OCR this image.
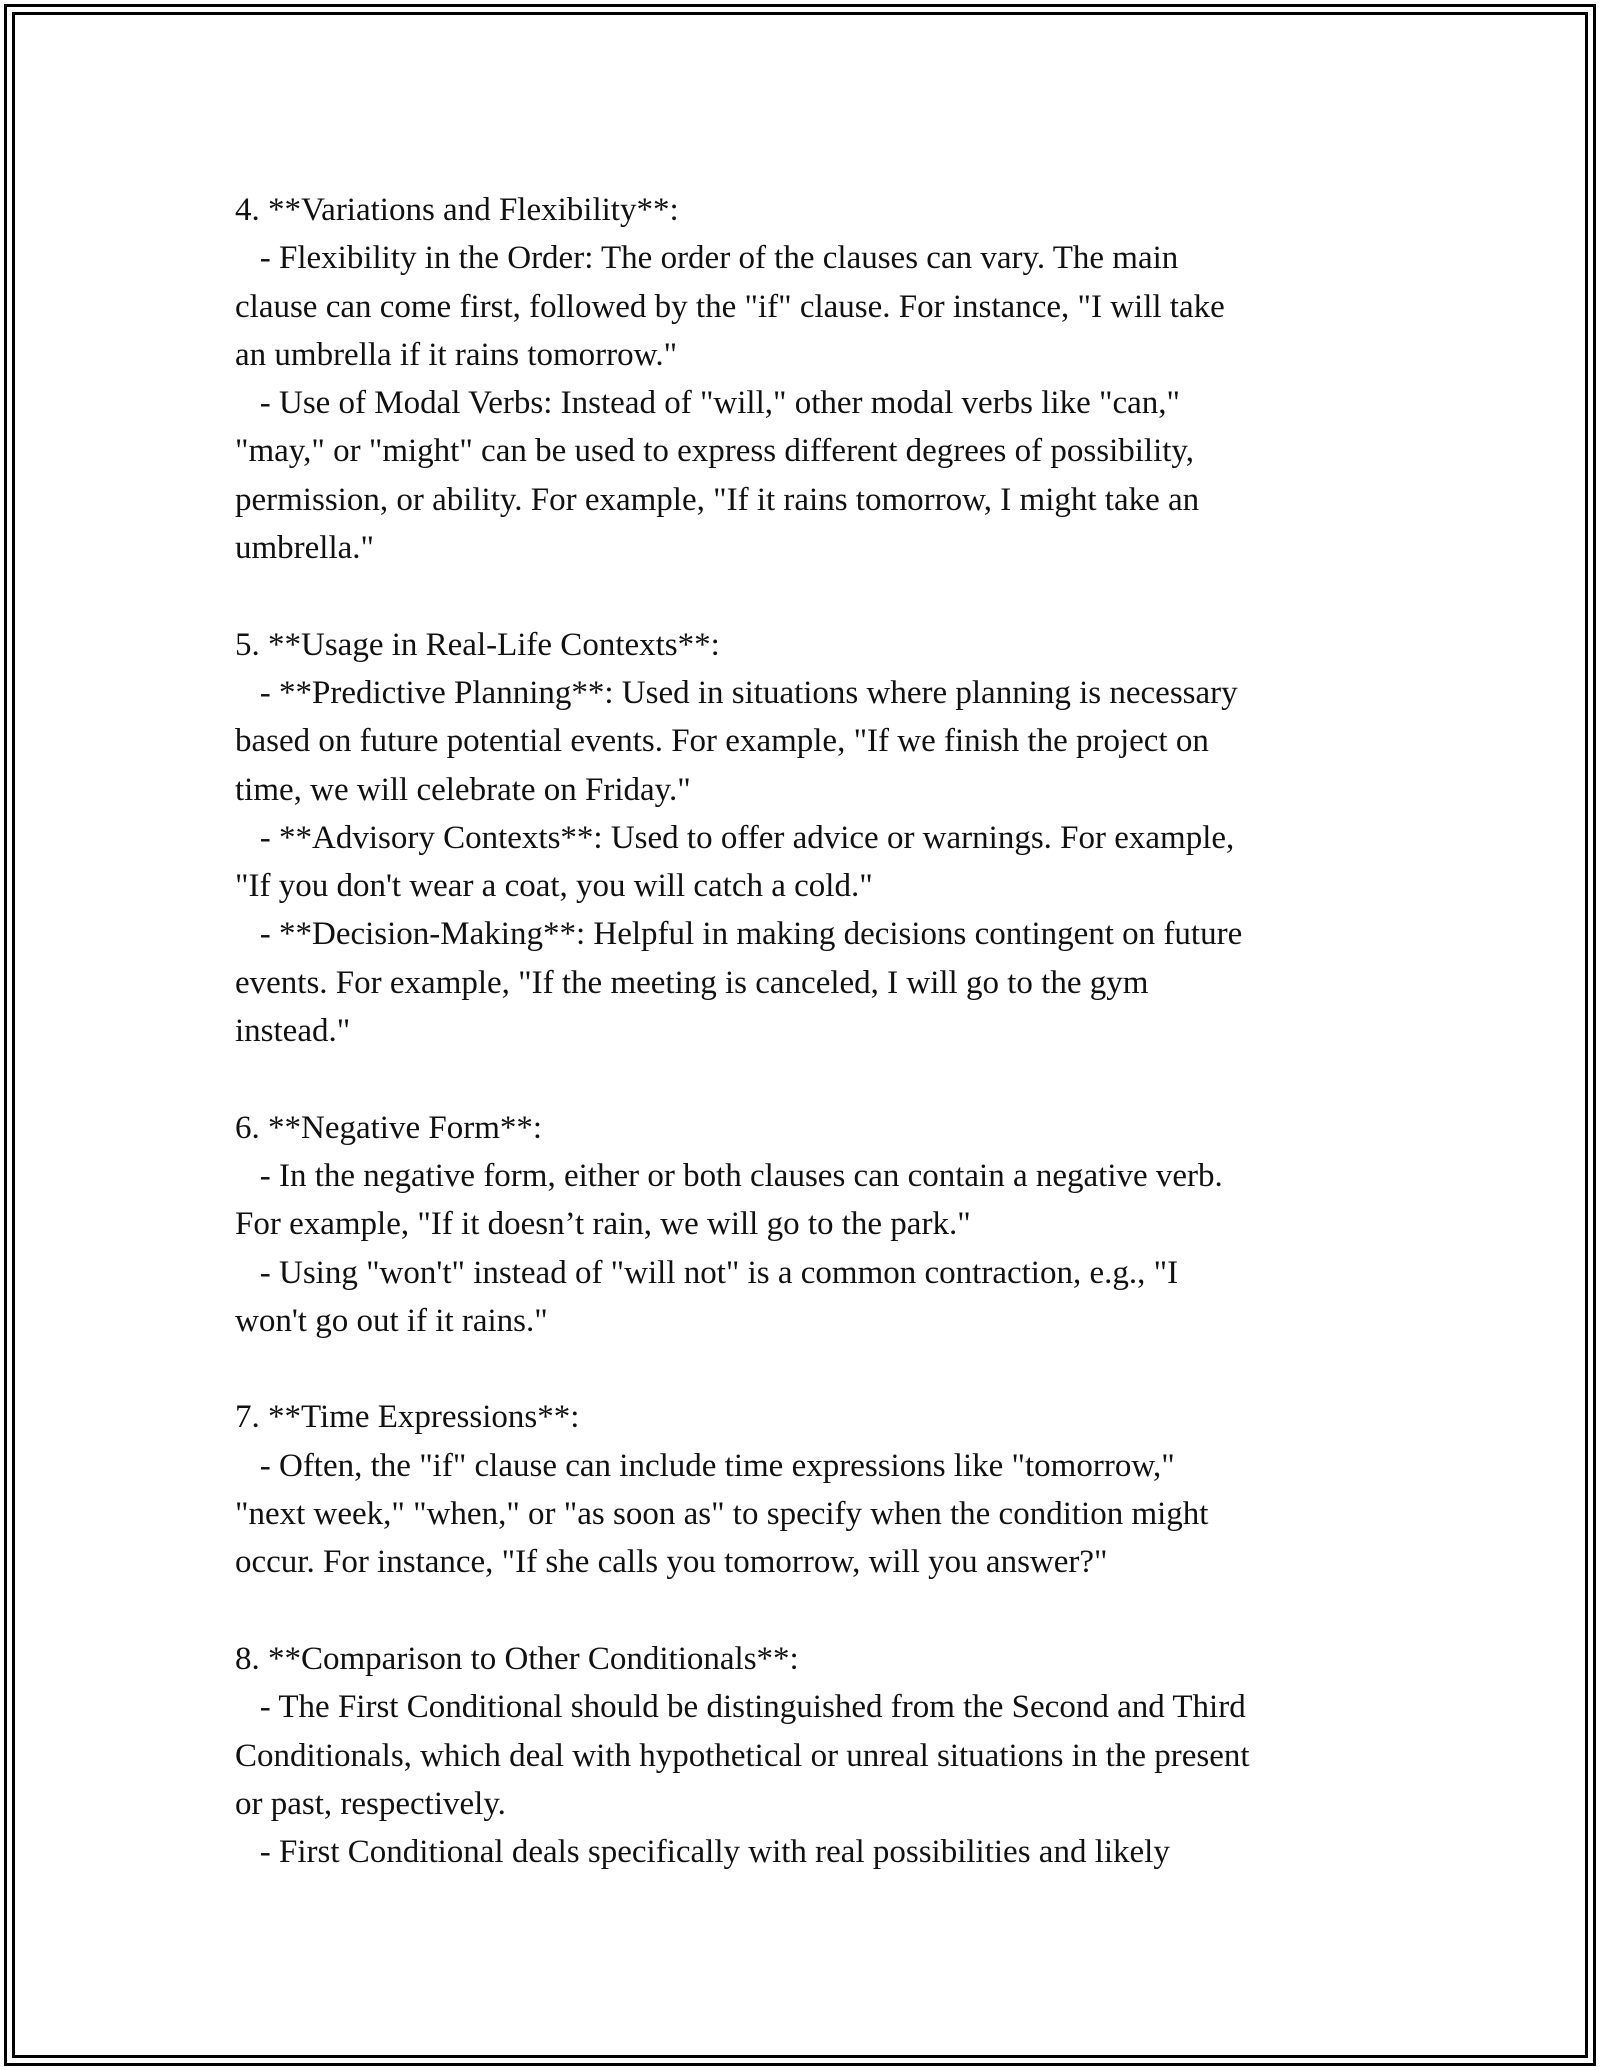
4. **Variations and Flexibility**:
- Flexibility in the Order: The order of the clauses can vary. The main
clause can come first, followed by the "if" clause. For instance, "I will take
an umbrella if it rains tomorrow."
- Use of Modal Verbs: Instead of "will," other modal verbs like "can,"
"may," or "might" can be used to express different degrees of possibility,
permission, or ability. For example, "If it rains tomorrow, I might take an
umbrella."
5. **Usage in Real-Life Contexts**:
- **Predictive Planning**: Used in situations where planning is necessary
based on future potential events. For example, "If we finish the project on
time, we will celebrate on Friday."
- **Advisory Contexts**: Used to offer advice or warnings. For example,
"If you don't wear a coat, you will catch a cold."
- **Decision-Making**: Helpful in making decisions contingent on future
events. For example, "If the meeting is canceled, I will go to the gym
instead."
6. **Negative Form**:
- In the negative form, either or both clauses can contain a negative verb.
For example, "If it doesn’t rain, we will go to the park."
- Using "won't" instead of "will not" is a common contraction, e.g., "I
won't go out if it rains."
7. **Time Expressions**:
- Often, the "if" clause can include time expressions like "tomorrow,"
"next week," "when," or "as soon as" to specify when the condition might
occur. For instance, "If she calls you tomorrow, will you answer?"
8. **Comparison to Other Conditionals**:
- The First Conditional should be distinguished from the Second and Third
Conditionals, which deal with hypothetical or unreal situations in the present
or past, respectively.
- First Conditional deals specifically with real possibilities and likely
